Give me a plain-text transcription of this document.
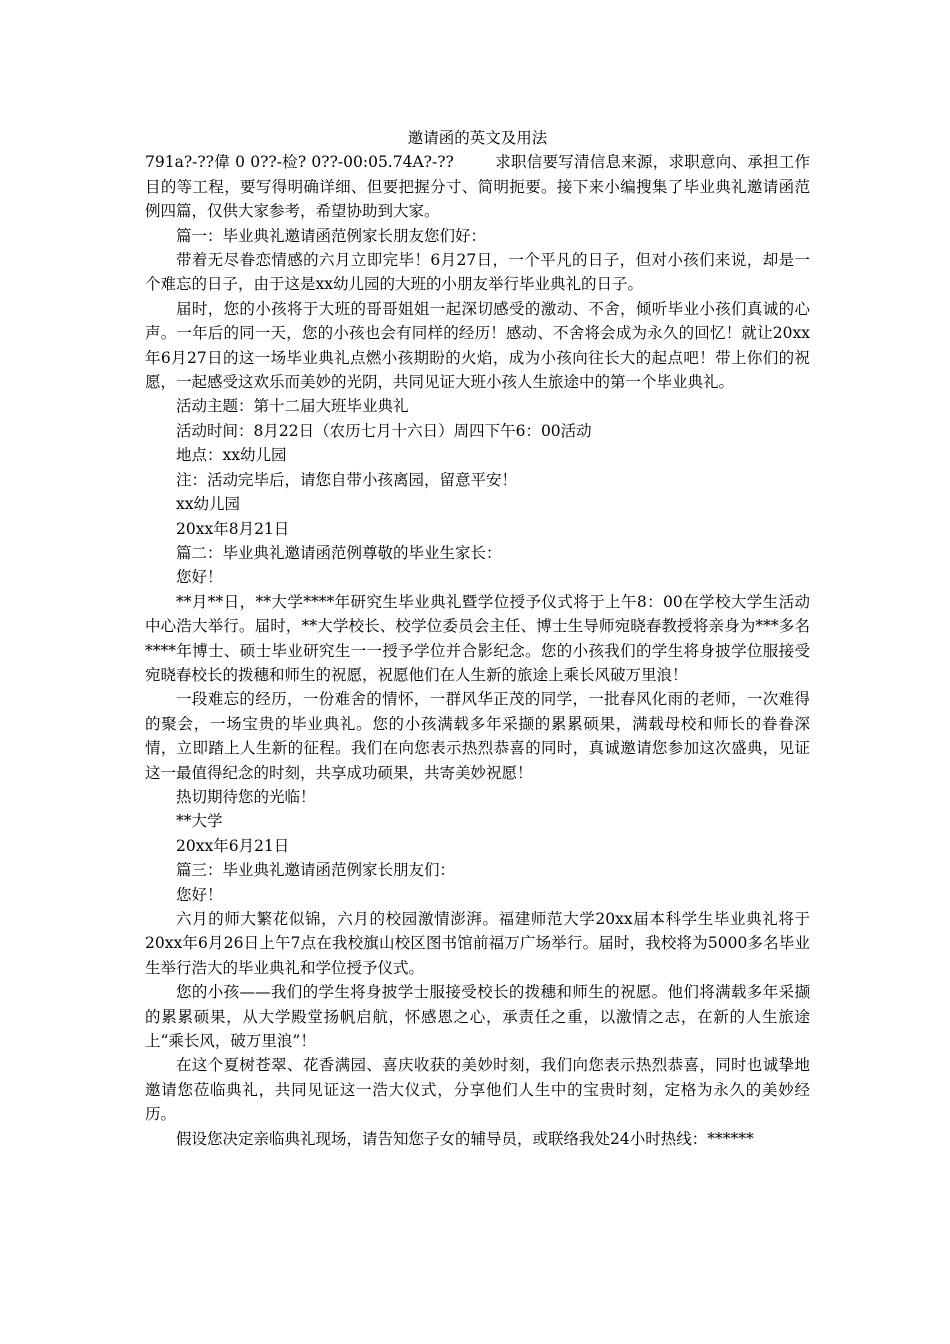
邀请函的英文及用法

791a?-??偉 0 0??-检? 0??-00:05.74A?-??	求职信要写清信息来源，求职意向、承担工作目的等工程，要写得明确详细、但要把握分寸、简明扼要。接下来小编搜集了毕业典礼邀请函范例四篇，仅供大家参考，希望协助到大家。

篇一：毕业典礼邀请函范例家长朋友您们好：

带着无尽眷恋情感的六月立即完毕！6月27日，一个平凡的日子，但对小孩们来说，却是一个难忘的日子，由于这是xx幼儿园的大班的小朋友举行毕业典礼的日子。

届时，您的小孩将于大班的哥哥姐姐一起深切感受的激动、不舍，倾听毕业小孩们真诚的心声。一年后的同一天，您的小孩也会有同样的经历！感动、不舍将会成为永久的回忆！就让20xx年6月27日的这一场毕业典礼点燃小孩期盼的火焰，成为小孩向往长大的起点吧！带上你们的祝愿，一起感受这欢乐而美妙的光阴，共同见证大班小孩人生旅途中的第一个毕业典礼。

活动主题：第十二届大班毕业典礼

活动时间：8月22日（农历七月十六日）周四下午6：00活动

地点：xx幼儿园

注：活动完毕后，请您自带小孩离园，留意平安！

xx幼儿园

20xx年8月21日

篇二：毕业典礼邀请函范例尊敬的毕业生家长：

您好！

**月**日，**大学****年研究生毕业典礼暨学位授予仪式将于上午8：00在学校大学生活动中心浩大举行。届时，**大学校长、校学位委员会主任、博士生导师宛晓春教授将亲身为***多名****年博士、硕士毕业研究生一一授予学位并合影纪念。您的小孩我们的学生将身披学位服接受宛晓春校长的拨穗和师生的祝愿，祝愿他们在人生新的旅途上乘长风破万里浪！

一段难忘的经历，一份难舍的情怀，一群风华正茂的同学，一批春风化雨的老师，一次难得的聚会，一场宝贵的毕业典礼。您的小孩满载多年采撷的累累硕果，满载母校和师长的眷眷深情，立即踏上人生新的征程。我们在向您表示热烈恭喜的同时，真诚邀请您参加这次盛典，见证这一最值得纪念的时刻，共享成功硕果，共寄美妙祝愿！

热切期待您的光临！

**大学

20xx年6月21日

篇三：毕业典礼邀请函范例家长朋友们：

您好！

六月的师大繁花似锦，六月的校园激情澎湃。福建师范大学20xx届本科学生毕业典礼将于20xx年6月26日上午7点在我校旗山校区图书馆前福万广场举行。届时，我校将为5000多名毕业生举行浩大的毕业典礼和学位授予仪式。

您的小孩——我们的学生将身披学士服接受校长的拨穗和师生的祝愿。他们将满载多年采撷的累累硕果，从大学殿堂扬帆启航，怀感恩之心，承责任之重，以激情之志，在新的人生旅途上“乘长风，破万里浪”！

在这个夏树苍翠、花香满园、喜庆收获的美妙时刻，我们向您表示热烈恭喜，同时也诚挚地邀请您莅临典礼，共同见证这一浩大仪式，分享他们人生中的宝贵时刻，定格为永久的美妙经历。

假设您决定亲临典礼现场，请告知您子女的辅导员，或联络我处24小时热线：******
